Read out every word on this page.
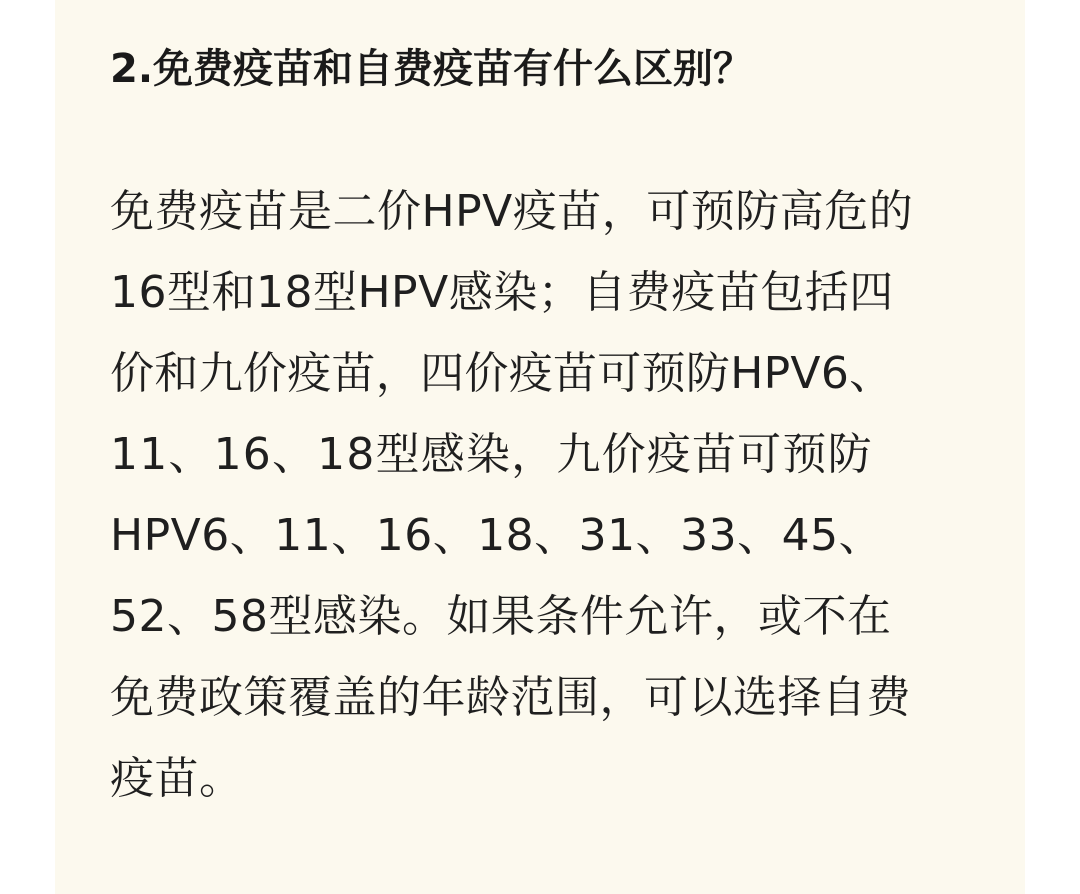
2.免费疫苗和自费疫苗有什么区别？

免费疫苗是二价HPV疫苗，可预防高危的

16型和18型HPV感染；自费疫苗包括四

价和九价疫苗，四价疫苗可预防HPV6、

11、16、18型感染，九价疫苗可预防

HPV6、11、16、18、31、33、45、

52、58型感染。如果条件允许，或不在

免费政策覆盖的年龄范围，可以选择自费

疫苗。
